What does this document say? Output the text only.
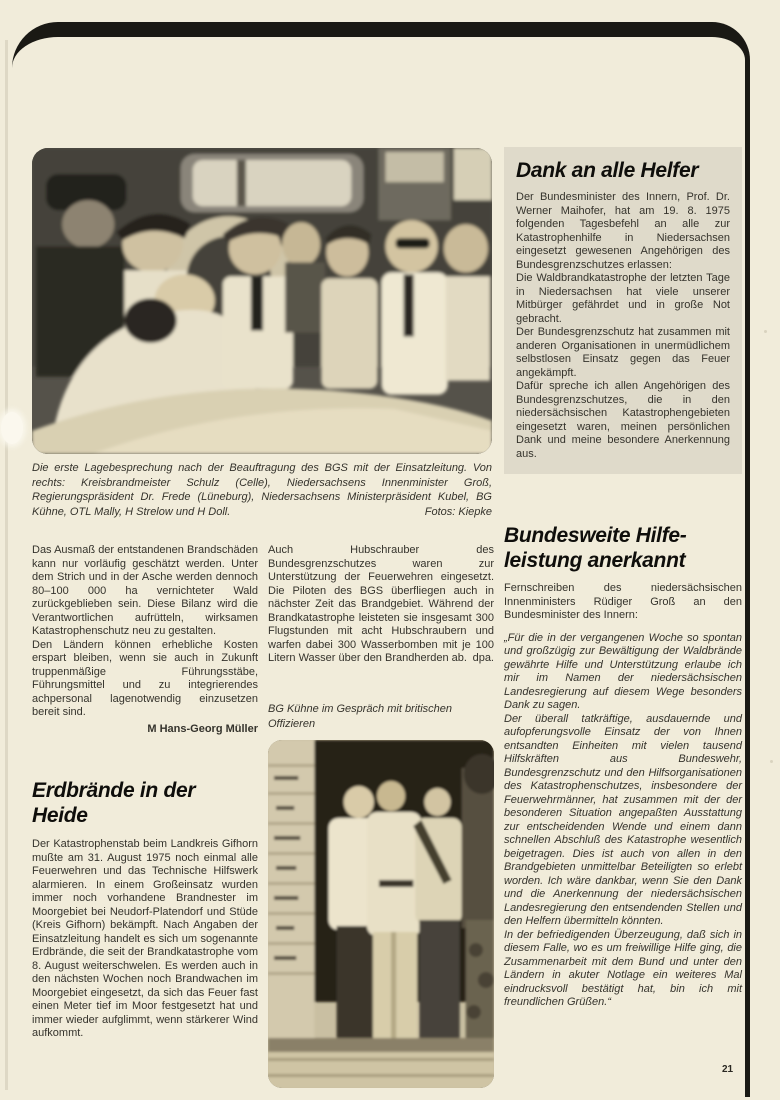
Die erste Lagebesprechung nach der Beauftragung des BGS mit der Einsatzleitung. Von rechts: Kreisbrandmeister Schulz (Celle), Niedersachsens Innenminister Groß, Regierungspräsident Dr. Frede (Lüneburg), Niedersachsens Ministerpräsident Kubel, BG Kühne, OTL Mally, H Strelow und H Doll.	Fotos: Kiepke

Das Ausmaß der entstandenen Brandschäden kann nur vorläufig geschätzt werden. Unter dem Strich und in der Asche werden dennoch 80–100 000 ha vernichteter Wald zurückgeblieben sein. Diese Bilanz wird die Verantwortlichen aufrütteln, wirksamen Katastrophenschutz neu zu gestalten.

Den Ländern können erhebliche Kosten erspart bleiben, wenn sie auch in Zukunft truppenmäßige Führungsstäbe, Führungsmittel und zu integrierendes achpersonal lagenotwendig einzusetzen bereit sind.

M Hans-Georg Müller
Erdbrände in der
Heide

Der Katastrophenstab beim Landkreis Gifhorn mußte am 31. August 1975 noch einmal alle Feuerwehren und das Technische Hilfswerk alarmieren. In einem Großeinsatz wurden immer noch vorhandene Brandnester im Moorgebiet bei Neudorf-Platendorf und Stüde (Kreis Gifhorn) bekämpft. Nach Angaben der Einsatzleitung handelt es sich um sogenannte Erdbrände, die seit der Brandkatastrophe vom 8. August weiterschwelen. Es werden auch in den nächsten Wochen noch Brandwachen im Moorgebiet eingesetzt, da sich das Feuer fast einen Meter tief im Moor festgesetzt hat und immer wieder aufglimmt, wenn stärkerer Wind aufkommt.

Auch Hubschrauber des Bundesgrenzschutzes waren zur Unterstützung der Feuerwehren eingesetzt. Die Piloten des BGS überfliegen auch in nächster Zeit das Brandgebiet. Während der Brandkatastrophe leisteten sie insgesamt 300 Flugstunden mit acht Hubschraubern und warfen dabei 300 Wasserbomben mit je 100 Litern Wasser über den Brandherden ab. dpa.

BG Kühne im Gespräch mit britischen Offizieren
Dank an alle Helfer

Der Bundesminister des Innern, Prof. Dr. Werner Maihofer, hat am 19. 8. 1975 folgenden Tagesbefehl an alle zur Katastrophenhilfe in Niedersachsen eingesetzt gewesenen Angehörigen des Bundesgrenzschutzes erlassen:

Die Waldbrandkatastrophe der letzten Tage in Niedersachsen hat viele unserer Mitbürger gefährdet und in große Not gebracht.

Der Bundesgrenzschutz hat zusammen mit anderen Organisationen in unermüdlichem selbstlosen Einsatz gegen das Feuer angekämpft.

Dafür spreche ich allen Angehörigen des Bundesgrenzschutzes, die in den niedersächsischen Katastrophengebieten eingesetzt waren, meinen persönlichen Dank und meine besondere Anerkennung aus.

Bundesweite Hilfe-
leistung anerkannt

Fernschreiben des niedersächsischen Innenministers Rüdiger Groß an den Bundesminister des Innern:

„Für die in der vergangenen Woche so spontan und großzügig zur Bewältigung der Waldbrände gewährte Hilfe und Unterstützung erlaube ich mir im Namen der niedersächsischen Landesregierung auf diesem Wege besonders Dank zu sagen.

Der überall tatkräftige, ausdauernde und aufopferungsvolle Einsatz der von Ihnen entsandten Einheiten mit vielen tausend Hilfskräften aus Bundeswehr, Bundesgrenzschutz und den Hilfsorganisationen des Katastrophenschutzes, insbesondere der Feuerwehrmänner, hat zusammen mit der der besonderen Situation angepaßten Ausstattung zur entscheidenden Wende und einem dann schnellen Abschluß des Katastrophe wesentlich beigetragen. Dies ist auch von allen in den Brandgebieten unmittelbar Beteiligten so erlebt worden. Ich wäre dankbar, wenn Sie den Dank und die Anerkennung der niedersächsischen Landesregierung den entsendenden Stellen und den Helfern übermitteln könnten.

In der befriedigenden Überzeugung, daß sich in diesem Falle, wo es um freiwillige Hilfe ging, die Zusammenarbeit mit dem Bund und unter den Ländern in akuter Notlage ein weiteres Mal eindrucksvoll bestätigt hat, bin ich mit freundlichen Grüßen.“

21
